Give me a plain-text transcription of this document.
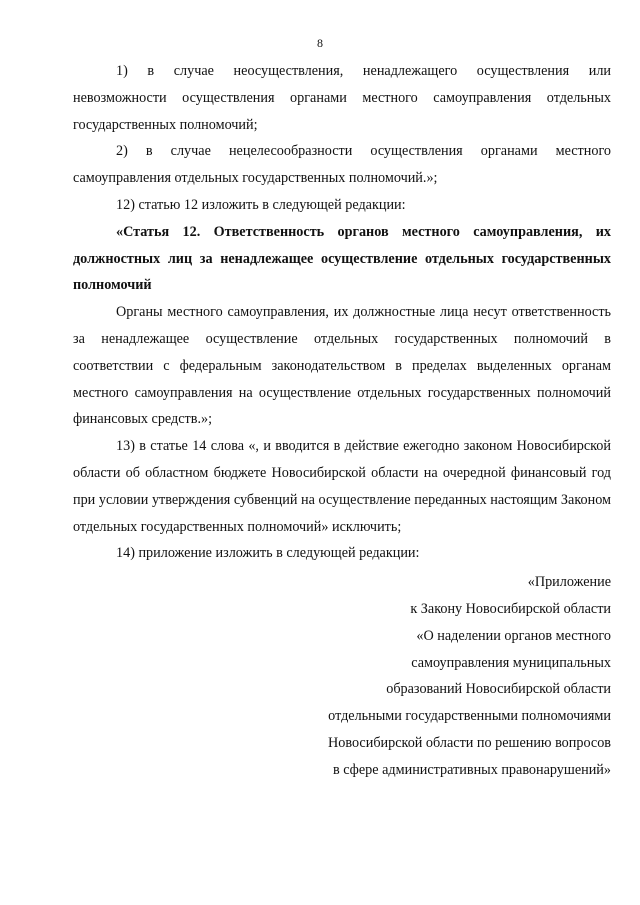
8

1) в случае неосуществления, ненадлежащего осуществления или невозможности осуществления органами местного самоуправления отдельных государственных полномочий;

2) в случае нецелесообразности осуществления органами местного самоуправления отдельных государственных полномочий.»;

12) статью 12 изложить в следующей редакции:

«Статья 12. Ответственность органов местного самоуправления, их должностных лиц за ненадлежащее осуществление отдельных государственных полномочий

Органы местного самоуправления, их должностные лица несут ответственность за ненадлежащее осуществление отдельных государственных полномочий в соответствии с федеральным законодательством в пределах выделенных органам местного самоуправления на осуществление отдельных государственных полномочий финансовых средств.»;

13) в статье 14 слова «, и вводится в действие ежегодно законом Новосибирской области об областном бюджете Новосибирской области на очередной финансовый год при условии утверждения субвенций на осуществление переданных настоящим Законом отдельных государственных полномочий» исключить;

14) приложение изложить в следующей редакции:

«Приложение
к Закону Новосибирской области
«О наделении органов местного
самоуправления муниципальных
образований Новосибирской области
отдельными государственными полномочиями
Новосибирской области по решению вопросов
в сфере административных правонарушений»
